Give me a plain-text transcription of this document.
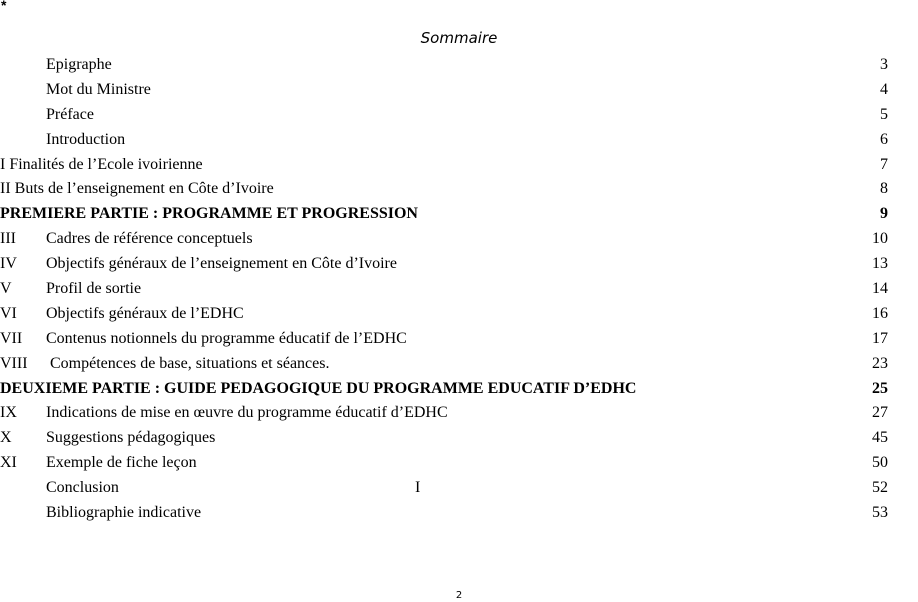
*
Sommaire
Epigraphe	3
Mot du Ministre	4
Préface	5
Introduction	6
I Finalités de l’Ecole ivoirienne	7
II Buts de l’enseignement en Côte d’Ivoire	8
PREMIERE PARTIE : PROGRAMME ET PROGRESSION	9
III Cadres de référence conceptuels	10
IV Objectifs généraux de l’enseignement en Côte d’Ivoire	13
V Profil de sortie	14
VI Objectifs généraux de l’EDHC	16
VII Contenus notionnels du programme éducatif de l’EDHC	17
VIII Compétences de base, situations et séances.	23
DEUXIEME PARTIE : GUIDE PEDAGOGIQUE DU PROGRAMME EDUCATIF D’EDHC	25
IX Indications de mise en œuvre du programme éducatif d’EDHC	27
X Suggestions pédagogiques	45
XI Exemple de fiche leçon	50
Conclusion	I	52
Bibliographie indicative	53
2
